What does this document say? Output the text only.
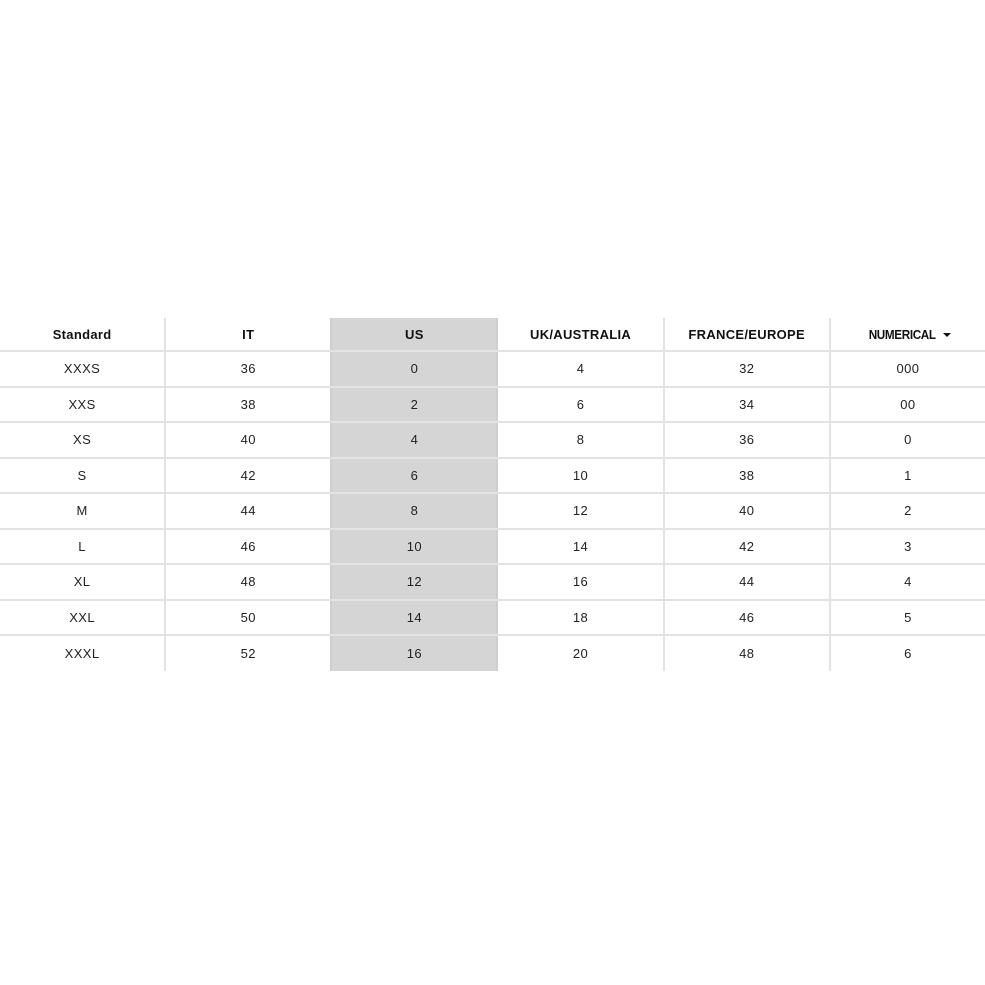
Standard	IT	US	UK/AUSTRALIA	FRANCE/EUROPE	NUMERICAL

XXXS	36	0	4	32	000
XXS	38	2	6	34	00
XS	40	4	8	36	0
S	42	6	10	38	1
M	44	8	12	40	2
L	46	10	14	42	3
XL	48	12	16	44	4
XXL	50	14	18	46	5
XXXL	52	16	20	48	6
